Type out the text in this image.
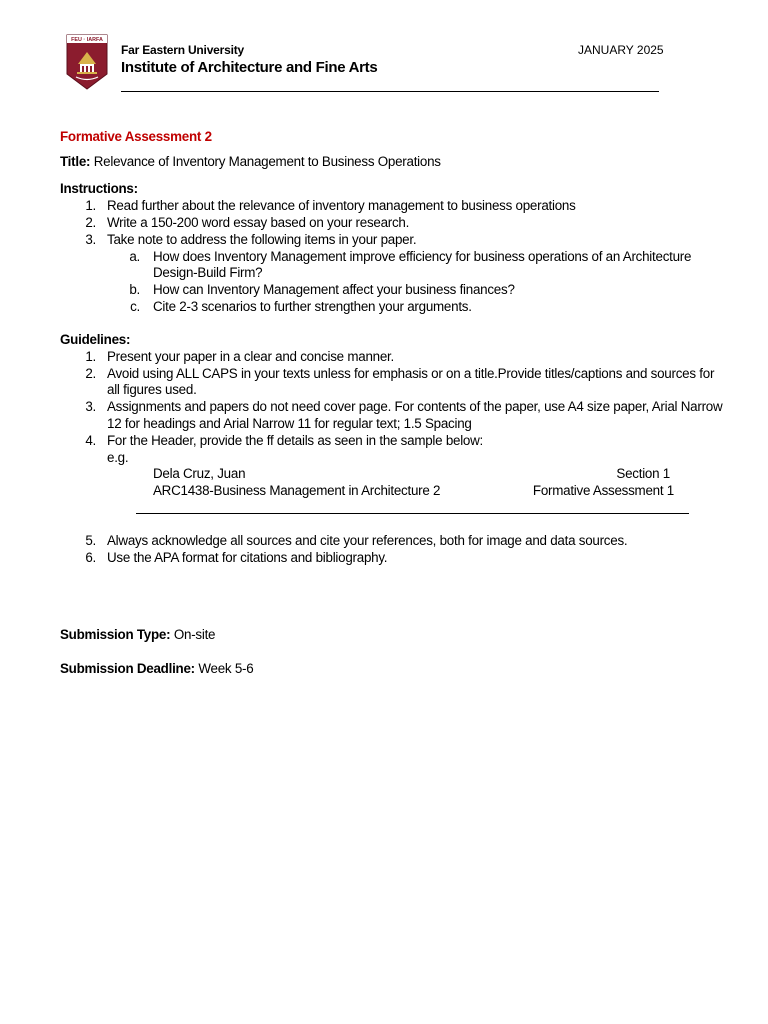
FEU · IARFA
Far Eastern University
Institute of Architecture and Fine Arts
JANUARY 2025
Formative Assessment 2
Title: Relevance of Inventory Management to Business Operations
Instructions:
1. Read further about the relevance of inventory management to business operations
2. Write a 150-200 word essay based on your research.
3. Take note to address the following items in your paper.
a. How does Inventory Management improve efficiency for business operations of an Architecture
Design-Build Firm?
b. How can Inventory Management affect your business finances?
c. Cite 2-3 scenarios to further strengthen your arguments.
Guidelines:
1. Present your paper in a clear and concise manner.
2. Avoid using ALL CAPS in your texts unless for emphasis or on a title.Provide titles/captions and sources for
all figures used.
3. Assignments and papers do not need cover page. For contents of the paper, use A4 size paper, Arial Narrow
12 for headings and Arial Narrow 11 for regular text; 1.5 Spacing
4. For the Header, provide the ff details as seen in the sample below:
e.g.
Dela Cruz, Juan	Section 1
ARC1438-Business Management in Architecture 2	Formative Assessment 1
5. Always acknowledge all sources and cite your references, both for image and data sources.
6. Use the APA format for citations and bibliography.
Submission Type: On-site
Submission Deadline: Week 5-6
